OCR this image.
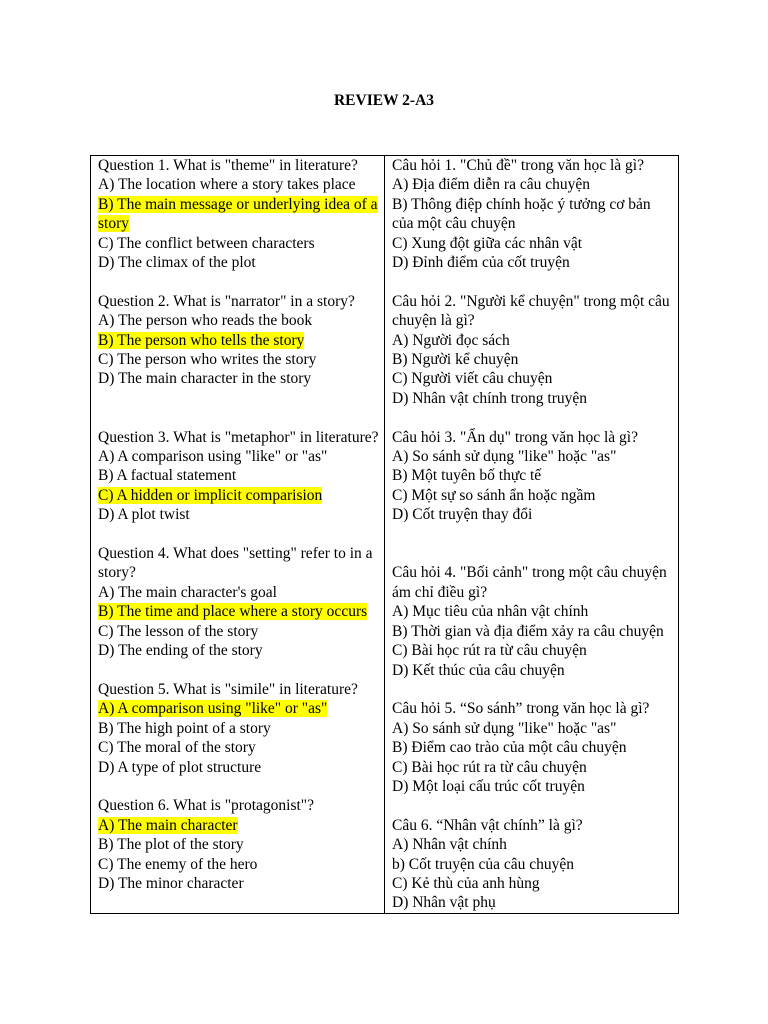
REVIEW 2-A3
Question 1. What is "theme" in literature?
A) The location where a story takes place
B) The main message or underlying idea of a story
C) The conflict between characters
D) The climax of the plot
Question 2. What is "narrator" in a story?
A) The person who reads the book
B) The person who tells the story
C) The person who writes the story
D) The main character in the story
Question 3. What is "metaphor" in literature?
A) A comparison using "like" or "as"
B) A factual statement
C) A hidden or implicit comparision
D) A plot twist
Question 4. What does "setting" refer to in a story?
A) The main character's goal
B) The time and place where a story occurs
C) The lesson of the story
D) The ending of the story
Question 5. What is "simile" in literature?
A) A comparison using "like" or "as"
B) The high point of a story
C) The moral of the story
D) A type of plot structure
Question 6. What is "protagonist"?
A) The main character
B) The plot of the story
C) The enemy of the hero
D) The minor character

Câu hỏi 1. "Chủ đề" trong văn học là gì?
A) Địa điểm diễn ra câu chuyện
B) Thông điệp chính hoặc ý tưởng cơ bản của một câu chuyện
C) Xung đột giữa các nhân vật
D) Đỉnh điểm của cốt truyện
Câu hỏi 2. "Người kể chuyện" trong một câu chuyện là gì?
A) Người đọc sách
B) Người kể chuyện
C) Người viết câu chuyện
D) Nhân vật chính trong truyện
Câu hỏi 3. "Ẩn dụ" trong văn học là gì?
A) So sánh sử dụng "like" hoặc "as"
B) Một tuyên bố thực tế
C) Một sự so sánh ẩn hoặc ngầm
D) Cốt truyện thay đổi
Câu hỏi 4. "Bối cảnh" trong một câu chuyện ám chỉ điều gì?
A) Mục tiêu của nhân vật chính
B) Thời gian và địa điểm xảy ra câu chuyện
C) Bài học rút ra từ câu chuyện
D) Kết thúc của câu chuyện
Câu hỏi 5. “So sánh” trong văn học là gì?
A) So sánh sử dụng "like" hoặc "as"
B) Điểm cao trào của một câu chuyện
C) Bài học rút ra từ câu chuyện
D) Một loại cấu trúc cốt truyện
Câu 6. “Nhân vật chính” là gì?
A) Nhân vật chính
b) Cốt truyện của câu chuyện
C) Kẻ thù của anh hùng
D) Nhân vật phụ
